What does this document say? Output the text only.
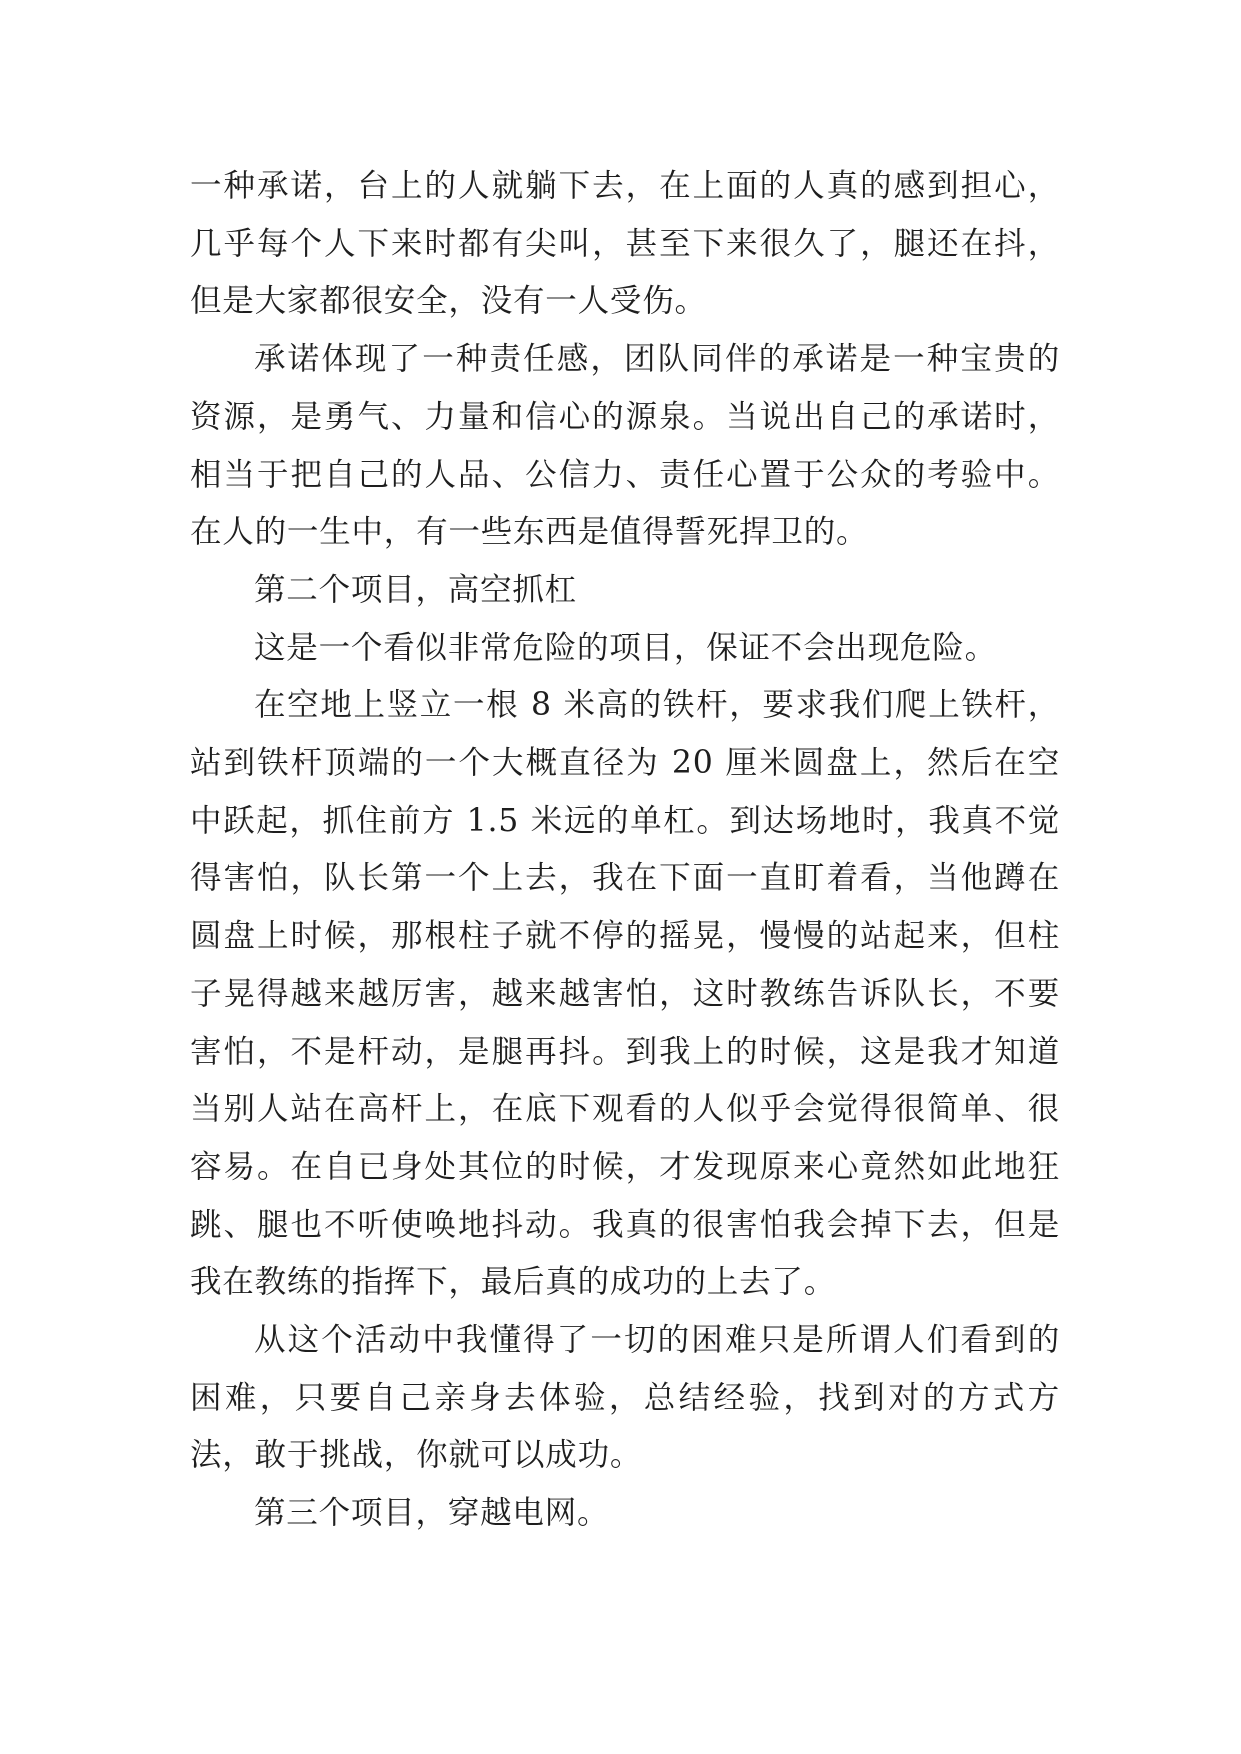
一种承诺，台上的人就躺下去，在上面的人真的感到担心，几乎每个人下来时都有尖叫，甚至下来很久了，腿还在抖，但是大家都很安全，没有一人受伤。

承诺体现了一种责任感，团队同伴的承诺是一种宝贵的资源，是勇气、力量和信心的源泉。当说出自己的承诺时，相当于把自己的人品、公信力、责任心置于公众的考验中。在人的一生中，有一些东西是值得誓死捍卫的。

第二个项目，高空抓杠

这是一个看似非常危险的项目，保证不会出现危险。

在空地上竖立一根 8 米高的铁杆，要求我们爬上铁杆，站到铁杆顶端的一个大概直径为 20 厘米圆盘上，然后在空中跃起，抓住前方 1.5 米远的单杠。到达场地时，我真不觉得害怕，队长第一个上去，我在下面一直盯着看，当他蹲在圆盘上时候，那根柱子就不停的摇晃，慢慢的站起来，但柱子晃得越来越厉害，越来越害怕，这时教练告诉队长，不要害怕，不是杆动，是腿再抖。到我上的时候，这是我才知道当别人站在高杆上，在底下观看的人似乎会觉得很简单、很容易。在自已身处其位的时候，才发现原来心竟然如此地狂跳、腿也不听使唤地抖动。我真的很害怕我会掉下去，但是我在教练的指挥下，最后真的成功的上去了。

从这个活动中我懂得了一切的困难只是所谓人们看到的困难，只要自己亲身去体验，总结经验，找到对的方式方法，敢于挑战，你就可以成功。

第三个项目，穿越电网。
